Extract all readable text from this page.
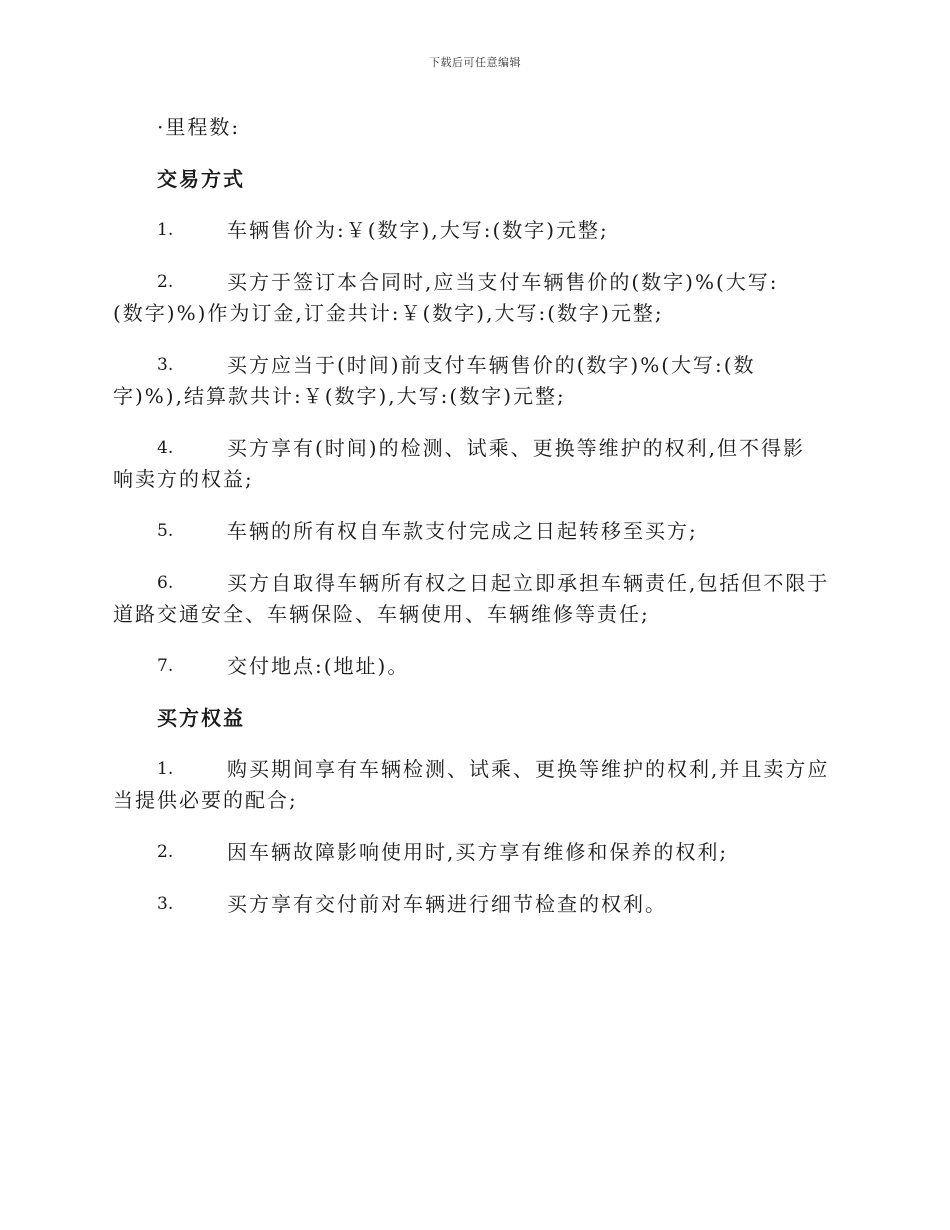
下载后可任意编辑

·里程数:

交易方式

1.	车辆售价为:￥(数字),大写:(数字)元整;
2.	买方于签订本合同时,应当支付车辆售价的(数字)%(大写:

(数字)%)作为订金,订金共计:￥(数字),大写:(数字)元整;

3.	买方应当于(时间)前支付车辆售价的(数字)%(大写:(数

字)%),结算款共计:￥(数字),大写:(数字)元整;

4.	买方享有(时间)的检测、试乘、更换等维护的权利,但不得影

响卖方的权益;

5.	车辆的所有权自车款支付完成之日起转移至买方;
6.	买方自取得车辆所有权之日起立即承担车辆责任,包括但不限于

道路交通安全、车辆保险、车辆使用、车辆维修等责任;

7.	交付地点:(地址)。

买方权益

1.	购买期间享有车辆检测、试乘、更换等维护的权利,并且卖方应

当提供必要的配合;

2.	因车辆故障影响使用时,买方享有维修和保养的权利;
3.	买方享有交付前对车辆进行细节检查的权利。
